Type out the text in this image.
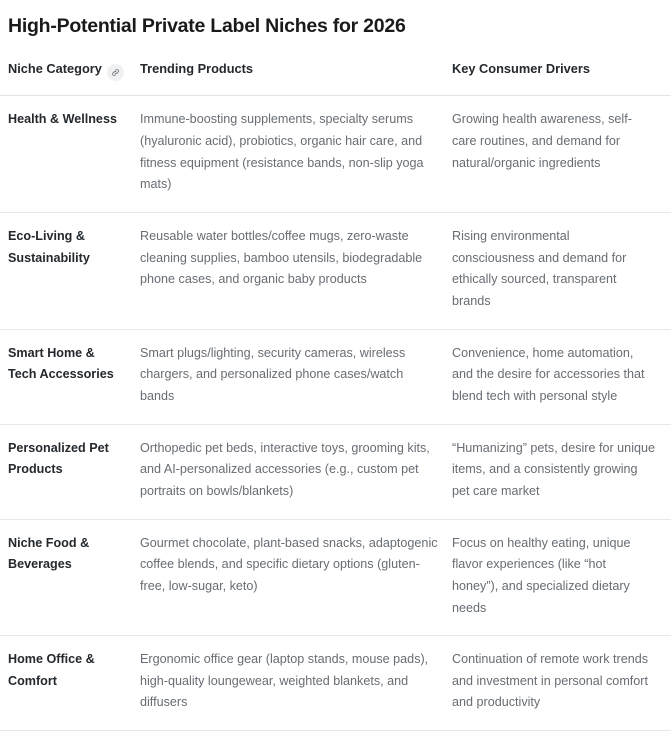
High-Potential Private Label Niches for 2026
Niche Category	Trending Products	Key Consumer Drivers
Health & Wellness	Immune-boosting supplements, specialty serums (hyaluronic acid), probiotics, organic hair care, and fitness equipment (resistance bands, non-slip yoga mats)	Growing health awareness, self-care routines, and demand for natural/organic ingredients
Eco-Living & Sustainability	Reusable water bottles/coffee mugs, zero-waste cleaning supplies, bamboo utensils, biodegradable phone cases, and organic baby products	Rising environmental consciousness and demand for ethically sourced, transparent brands
Smart Home & Tech Accessories	Smart plugs/lighting, security cameras, wireless chargers, and personalized phone cases/watch bands	Convenience, home automation, and the desire for accessories that blend tech with personal style
Personalized Pet Products	Orthopedic pet beds, interactive toys, grooming kits, and AI-personalized accessories (e.g., custom pet portraits on bowls/blankets)	“Humanizing” pets, desire for unique items, and a consistently growing pet care market
Niche Food & Beverages	Gourmet chocolate, plant-based snacks, adaptogenic coffee blends, and specific dietary options (gluten-free, low-sugar, keto)	Focus on healthy eating, unique flavor experiences (like “hot honey”), and specialized dietary needs
Home Office & Comfort	Ergonomic office gear (laptop stands, mouse pads), high-quality loungewear, weighted blankets, and diffusers	Continuation of remote work trends and investment in personal comfort and productivity
